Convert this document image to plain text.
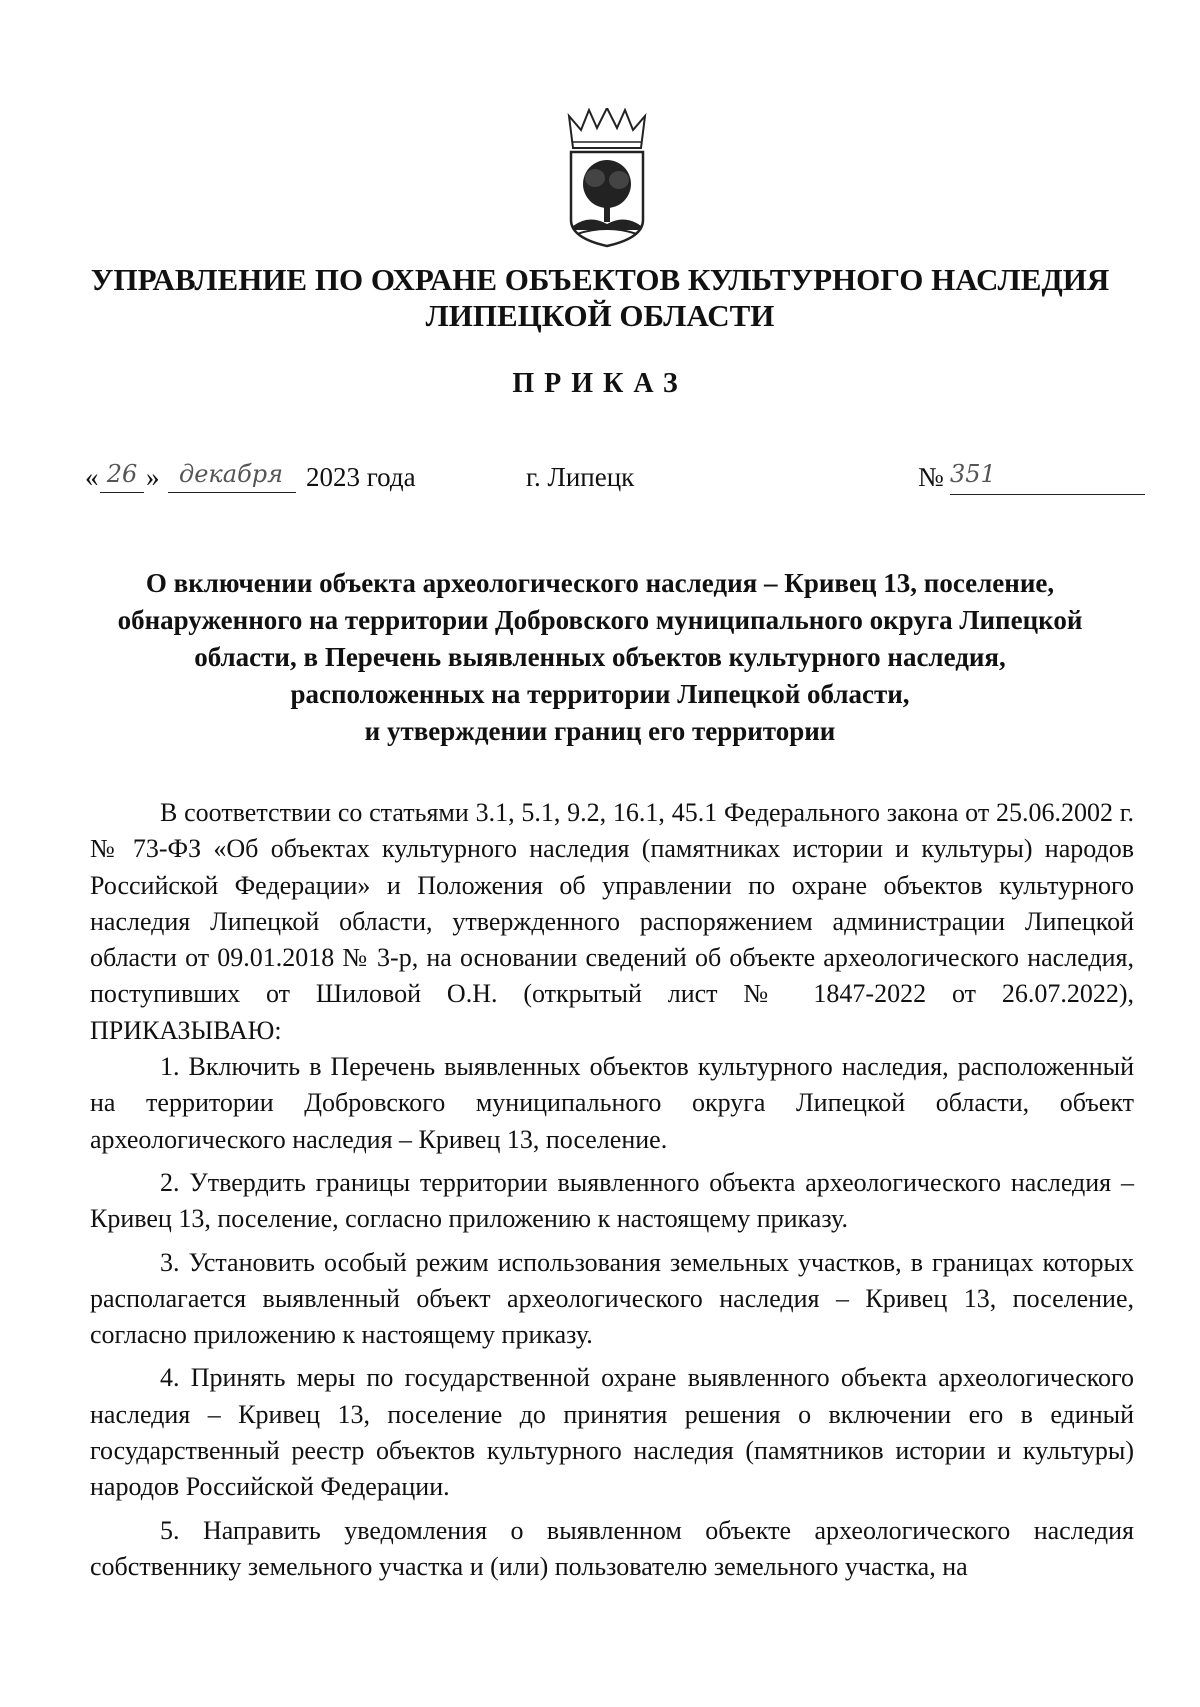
УПРАВЛЕНИЕ ПО ОХРАНЕ ОБЪЕКТОВ КУЛЬТУРНОГО НАСЛЕДИЯ
ЛИПЕЦКОЙ ОБЛАСТИ
ПРИКАЗ
« 26 » декабря 2023 года	г. Липецк	№ 351
О включении объекта археологического наследия – Кривец 13, поселение,
обнаруженного на территории Добровского муниципального округа Липецкой
области, в Перечень выявленных объектов культурного наследия,
расположенных на территории Липецкой области,
и утверждении границ его территории

В соответствии со статьями 3.1, 5.1, 9.2, 16.1, 45.1 Федерального закона от 25.06.2002 г. № 73-ФЗ «Об объектах культурного наследия (памятниках истории и культуры) народов Российской Федерации» и Положения об управлении по охране объектов культурного наследия Липецкой области, утвержденного распоряжением администрации Липецкой области от 09.01.2018 № 3-р, на основании сведений об объекте археологического наследия, поступивших от Шиловой О.Н. (открытый лист № 1847-2022 от 26.07.2022), ПРИКАЗЫВАЮ:

1. Включить в Перечень выявленных объектов культурного наследия, расположенный на территории Добровского муниципального округа Липецкой области, объект археологического наследия – Кривец 13, поселение.

2. Утвердить границы территории выявленного объекта археологического наследия – Кривец 13, поселение, согласно приложению к настоящему приказу.

3. Установить особый режим использования земельных участков, в границах которых располагается выявленный объект археологического наследия – Кривец 13, поселение, согласно приложению к настоящему приказу.

4. Принять меры по государственной охране выявленного объекта археологического наследия – Кривец 13, поселение до принятия решения о включении его в единый государственный реестр объектов культурного наследия (памятников истории и культуры) народов Российской Федерации.

5. Направить уведомления о выявленном объекте археологического наследия собственнику земельного участка и (или) пользователю земельного участка, на
